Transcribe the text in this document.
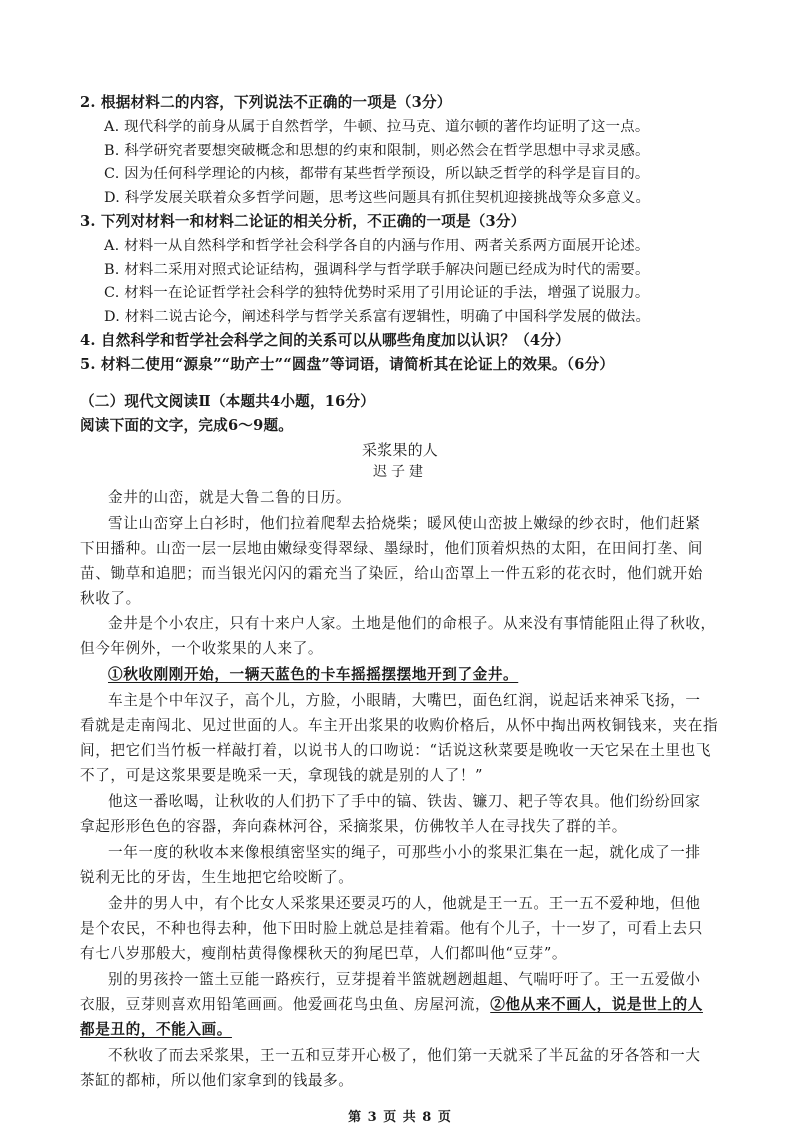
2. 根据材料二的内容，下列说法不正确的一项是（3分）
A. 现代科学的前身从属于自然哲学，牛顿、拉马克、道尔顿的著作均证明了这一点。
B. 科学研究者要想突破概念和思想的约束和限制，则必然会在哲学思想中寻求灵感。
C. 因为任何科学理论的内核，都带有某些哲学预设，所以缺乏哲学的科学是盲目的。
D. 科学发展关联着众多哲学问题，思考这些问题具有抓住契机迎接挑战等众多意义。
3. 下列对材料一和材料二论证的相关分析，不正确的一项是（3分）
A. 材料一从自然科学和哲学社会科学各自的内涵与作用、两者关系两方面展开论述。
B. 材料二采用对照式论证结构，强调科学与哲学联手解决问题已经成为时代的需要。
C. 材料一在论证哲学社会科学的独特优势时采用了引用论证的手法，增强了说服力。
D. 材料二说古论今，阐述科学与哲学关系富有逻辑性，明确了中国科学发展的做法。
4. 自然科学和哲学社会科学之间的关系可以从哪些角度加以认识？（4分）
5. 材料二使用“源泉”“助产士”“圆盘”等词语，请简析其在论证上的效果。（6分）
（二）现代文阅读Ⅱ（本题共4小题，16分）
阅读下面的文字，完成6～9题。
采浆果的人
迟子建
金井的山峦，就是大鲁二鲁的日历。
雪让山峦穿上白衫时，他们拉着爬犁去拾烧柴；暖风使山峦披上嫩绿的纱衣时，他们赶紧
下田播种。山峦一层一层地由嫩绿变得翠绿、墨绿时，他们顶着炽热的太阳，在田间打垄、间
苗、锄草和追肥；而当银光闪闪的霜充当了染匠，给山峦罩上一件五彩的花衣时，他们就开始
秋收了。
金井是个小农庄，只有十来户人家。土地是他们的命根子。从来没有事情能阻止得了秋收，
但今年例外，一个收浆果的人来了。
①秋收刚刚开始，一辆天蓝色的卡车摇摇摆摆地开到了金井。
车主是个中年汉子，高个儿，方脸，小眼睛，大嘴巴，面色红润，说起话来神采飞扬，一
看就是走南闯北、见过世面的人。车主开出浆果的收购价格后，从怀中掏出两枚铜钱来，夹在指
间，把它们当竹板一样敲打着，以说书人的口吻说：“话说这秋菜要是晚收一天它呆在土里也飞
不了，可是这浆果要是晚采一天，拿现钱的就是别的人了！”
他这一番吆喝，让秋收的人们扔下了手中的镐、铁齿、镰刀、耙子等农具。他们纷纷回家
拿起形形色色的容器，奔向森林河谷，采摘浆果，仿佛牧羊人在寻找失了群的羊。
一年一度的秋收本来像根缜密坚实的绳子，可那些小小的浆果汇集在一起，就化成了一排
锐利无比的牙齿，生生地把它给咬断了。
金井的男人中，有个比女人采浆果还要灵巧的人，他就是王一五。王一五不爱种地，但他
是个农民，不种也得去种，他下田时脸上就总是挂着霜。他有个儿子，十一岁了，可看上去只
有七八岁那般大，瘦削枯黄得像棵秋天的狗尾巴草，人们都叫他“豆芽”。
别的男孩拎一篮土豆能一路疾行，豆芽提着半篮就趔趔趄趄、气喘吁吁了。王一五爱做小
衣服，豆芽则喜欢用铅笔画画。他爱画花鸟虫鱼、房屋河流，②他从来不画人，说是世上的人
都是丑的，不能入画。
不秋收了而去采浆果，王一五和豆芽开心极了，他们第一天就采了半瓦盆的牙各答和一大
茶缸的都柿，所以他们家拿到的钱最多。
第 3 页 共 8 页
